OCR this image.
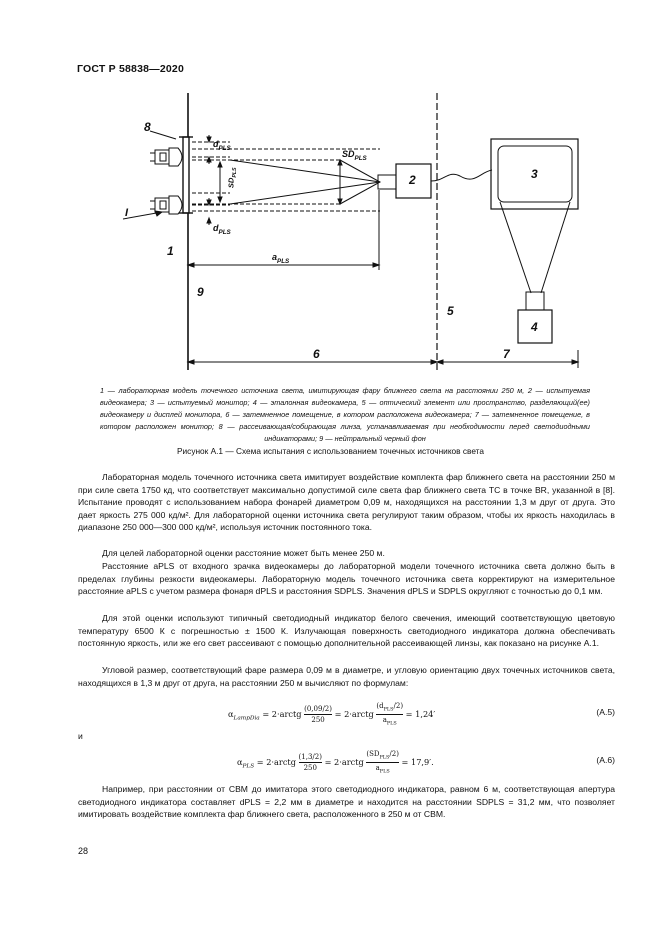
ГОСТ Р 58838—2020
8
$d_{PLS}$
$d_{PLS}$
$SD_{PLS}$
$SD_{PLS}$
$a_{PLS}$
I
2	3
4
1
9
5
6	7
1 — лабораторная модель точечного источника света, имитирующая фару ближнего света на расстоянии 250 м, 2 — испытуемая видеокамера; 3 — испытуемый монитор; 4 — эталонная видеокамера, 5 — оптический элемент или пространство, разделяющий(ее) видеокамеру и дисплей монитора, 6 — затемненное помещение, в котором расположена видеокамера; 7 — затемненное помещение, в котором расположен монитор; 8 — рассеивающая/собирающая линза, устанавливаемая при необходимости перед светодиодными индикаторами; 9 — нейтральный черный фон
Рисунок А.1 — Схема испытания с использованием точечных источников света
Лабораторная модель точечного источника света имитирует воздействие комплекта фар ближнего света на расстоянии 250 м при силе света 1750 кд, что соответствует максимально допустимой силе света фар ближнего света ТС в точке BR, указанной в [8]. Испытание проводят с использованием набора фонарей диаметром 0,09 м, находящихся на расстоянии 1,3 м друг от друга. Это дает яркость 275 000 кд/м². Для лабораторной оценки источника света регулируют таким образом, чтобы их яркость находилась в диапазоне 250 000—300 000 кд/м², используя источник постоянного тока.
Для целей лабораторной оценки расстояние может быть менее 250 м.
Расстояние aPLS от входного зрачка видеокамеры до лабораторной модели точечного источника света должно быть в пределах глубины резкости видеокамеры. Лабораторную модель точечного источника света корректируют на измерительное расстояние aPLS с учетом размера фонаря dPLS и расстояния SDPLS. Значения dPLS и SDPLS округляют с точностью до 0,1 мм.
Для этой оценки используют типичный светодиодный индикатор белого свечения, имеющий соответствующую цветовую температуру 6500 К с погрешностью ± 1500 К. Излучающая поверхность светодиодного индикатора должна обеспечивать постоянную яркость, или же его свет рассеивают с помощью дополнительной рассеивающей линзы, как показано на рисунке А.1.
Угловой размер, соответствующий фаре размера 0,09 м в диаметре, и угловую ориентацию двух точечных источников света, находящихся в 1,3 м друг от друга, на расстоянии 250 м вычисляют по формулам:
$\alpha_{LampDia}$ = 2·arctg $\frac{(0,09/2)}{250}$ = 2·arctg
$(d_{PLS}/2)$
$a_{PLS}$
= 1,24′	(А.5)
и
$\alpha_{PLS}$ = 2·arctg $\frac{(1,3/2)}{250}$ = 2·arctg
$(SD_{PLS}/2)$
$a_{PLS}$
= 17,9′.	(А.6)
Например, при расстоянии от СВМ до имитатора этого светодиодного индикатора, равном 6 м, соответствующая апертура светодиодного индикатора составляет dPLS = 2,2 мм в диаметре и находится на расстоянии SDPLS = 31,2 мм, что позволяет имитировать воздействие комплекта фар ближнего света, расположенного в 250 м от СВМ.
28
